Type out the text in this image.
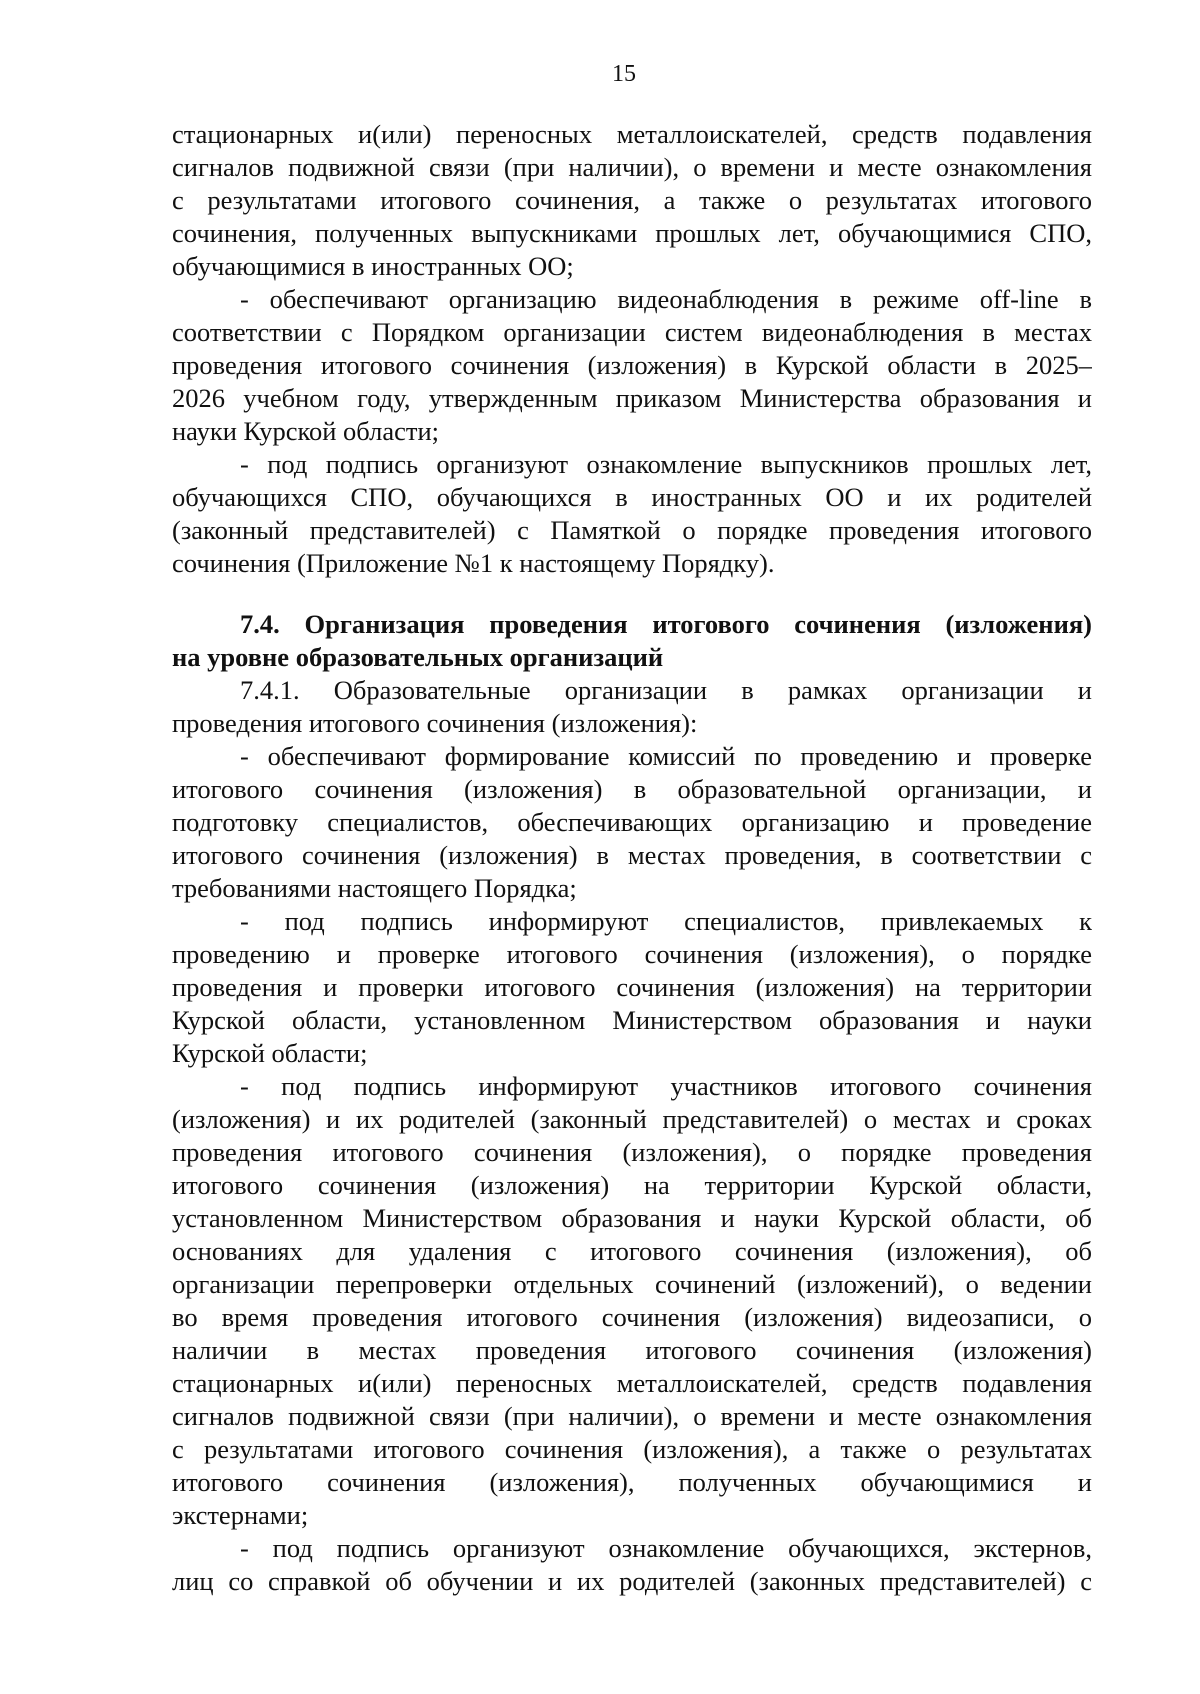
15
стационарных и(или) переносных металлоискателей, средств подавления
сигналов подвижной связи (при наличии), о времени и месте ознакомления
с результатами итогового сочинения, а также о результатах итогового
сочинения, полученных выпускниками прошлых лет, обучающимися СПО,
обучающимися в иностранных ОО;
- обеспечивают организацию видеонаблюдения в режиме off-line в
соответствии с Порядком организации систем видеонаблюдения в местах
проведения итогового сочинения (изложения) в Курской области в 2025–
2026 учебном году, утвержденным приказом Министерства образования и
науки Курской области;
- под подпись организуют ознакомление выпускников прошлых лет,
обучающихся СПО, обучающихся в иностранных ОО и их родителей
(законный представителей) с Памяткой о порядке проведения итогового
сочинения (Приложение №1 к настоящему Порядку).
7.4. Организация проведения итогового сочинения (изложения)
на уровне образовательных организаций
7.4.1. Образовательные организации в рамках организации и
проведения итогового сочинения (изложения):
- обеспечивают формирование комиссий по проведению и проверке
итогового сочинения (изложения) в образовательной организации, и
подготовку специалистов, обеспечивающих организацию и проведение
итогового сочинения (изложения) в местах проведения, в соответствии с
требованиями настоящего Порядка;
- под подпись информируют специалистов, привлекаемых к
проведению и проверке итогового сочинения (изложения), о порядке
проведения и проверки итогового сочинения (изложения) на территории
Курской области, установленном Министерством образования и науки
Курской области;
- под подпись информируют участников итогового сочинения
(изложения) и их родителей (законный представителей) о местах и сроках
проведения итогового сочинения (изложения), о порядке проведения
итогового сочинения (изложения) на территории Курской области,
установленном Министерством образования и науки Курской области, об
основаниях для удаления с итогового сочинения (изложения), об
организации перепроверки отдельных сочинений (изложений), о ведении
во время проведения итогового сочинения (изложения) видеозаписи, о
наличии в местах проведения итогового сочинения (изложения)
стационарных и(или) переносных металлоискателей, средств подавления
сигналов подвижной связи (при наличии), о времени и месте ознакомления
с результатами итогового сочинения (изложения), а также о результатах
итогового сочинения (изложения), полученных обучающимися и
экстернами;
- под подпись организуют ознакомление обучающихся, экстернов,
лиц со справкой об обучении и их родителей (законных представителей) с
